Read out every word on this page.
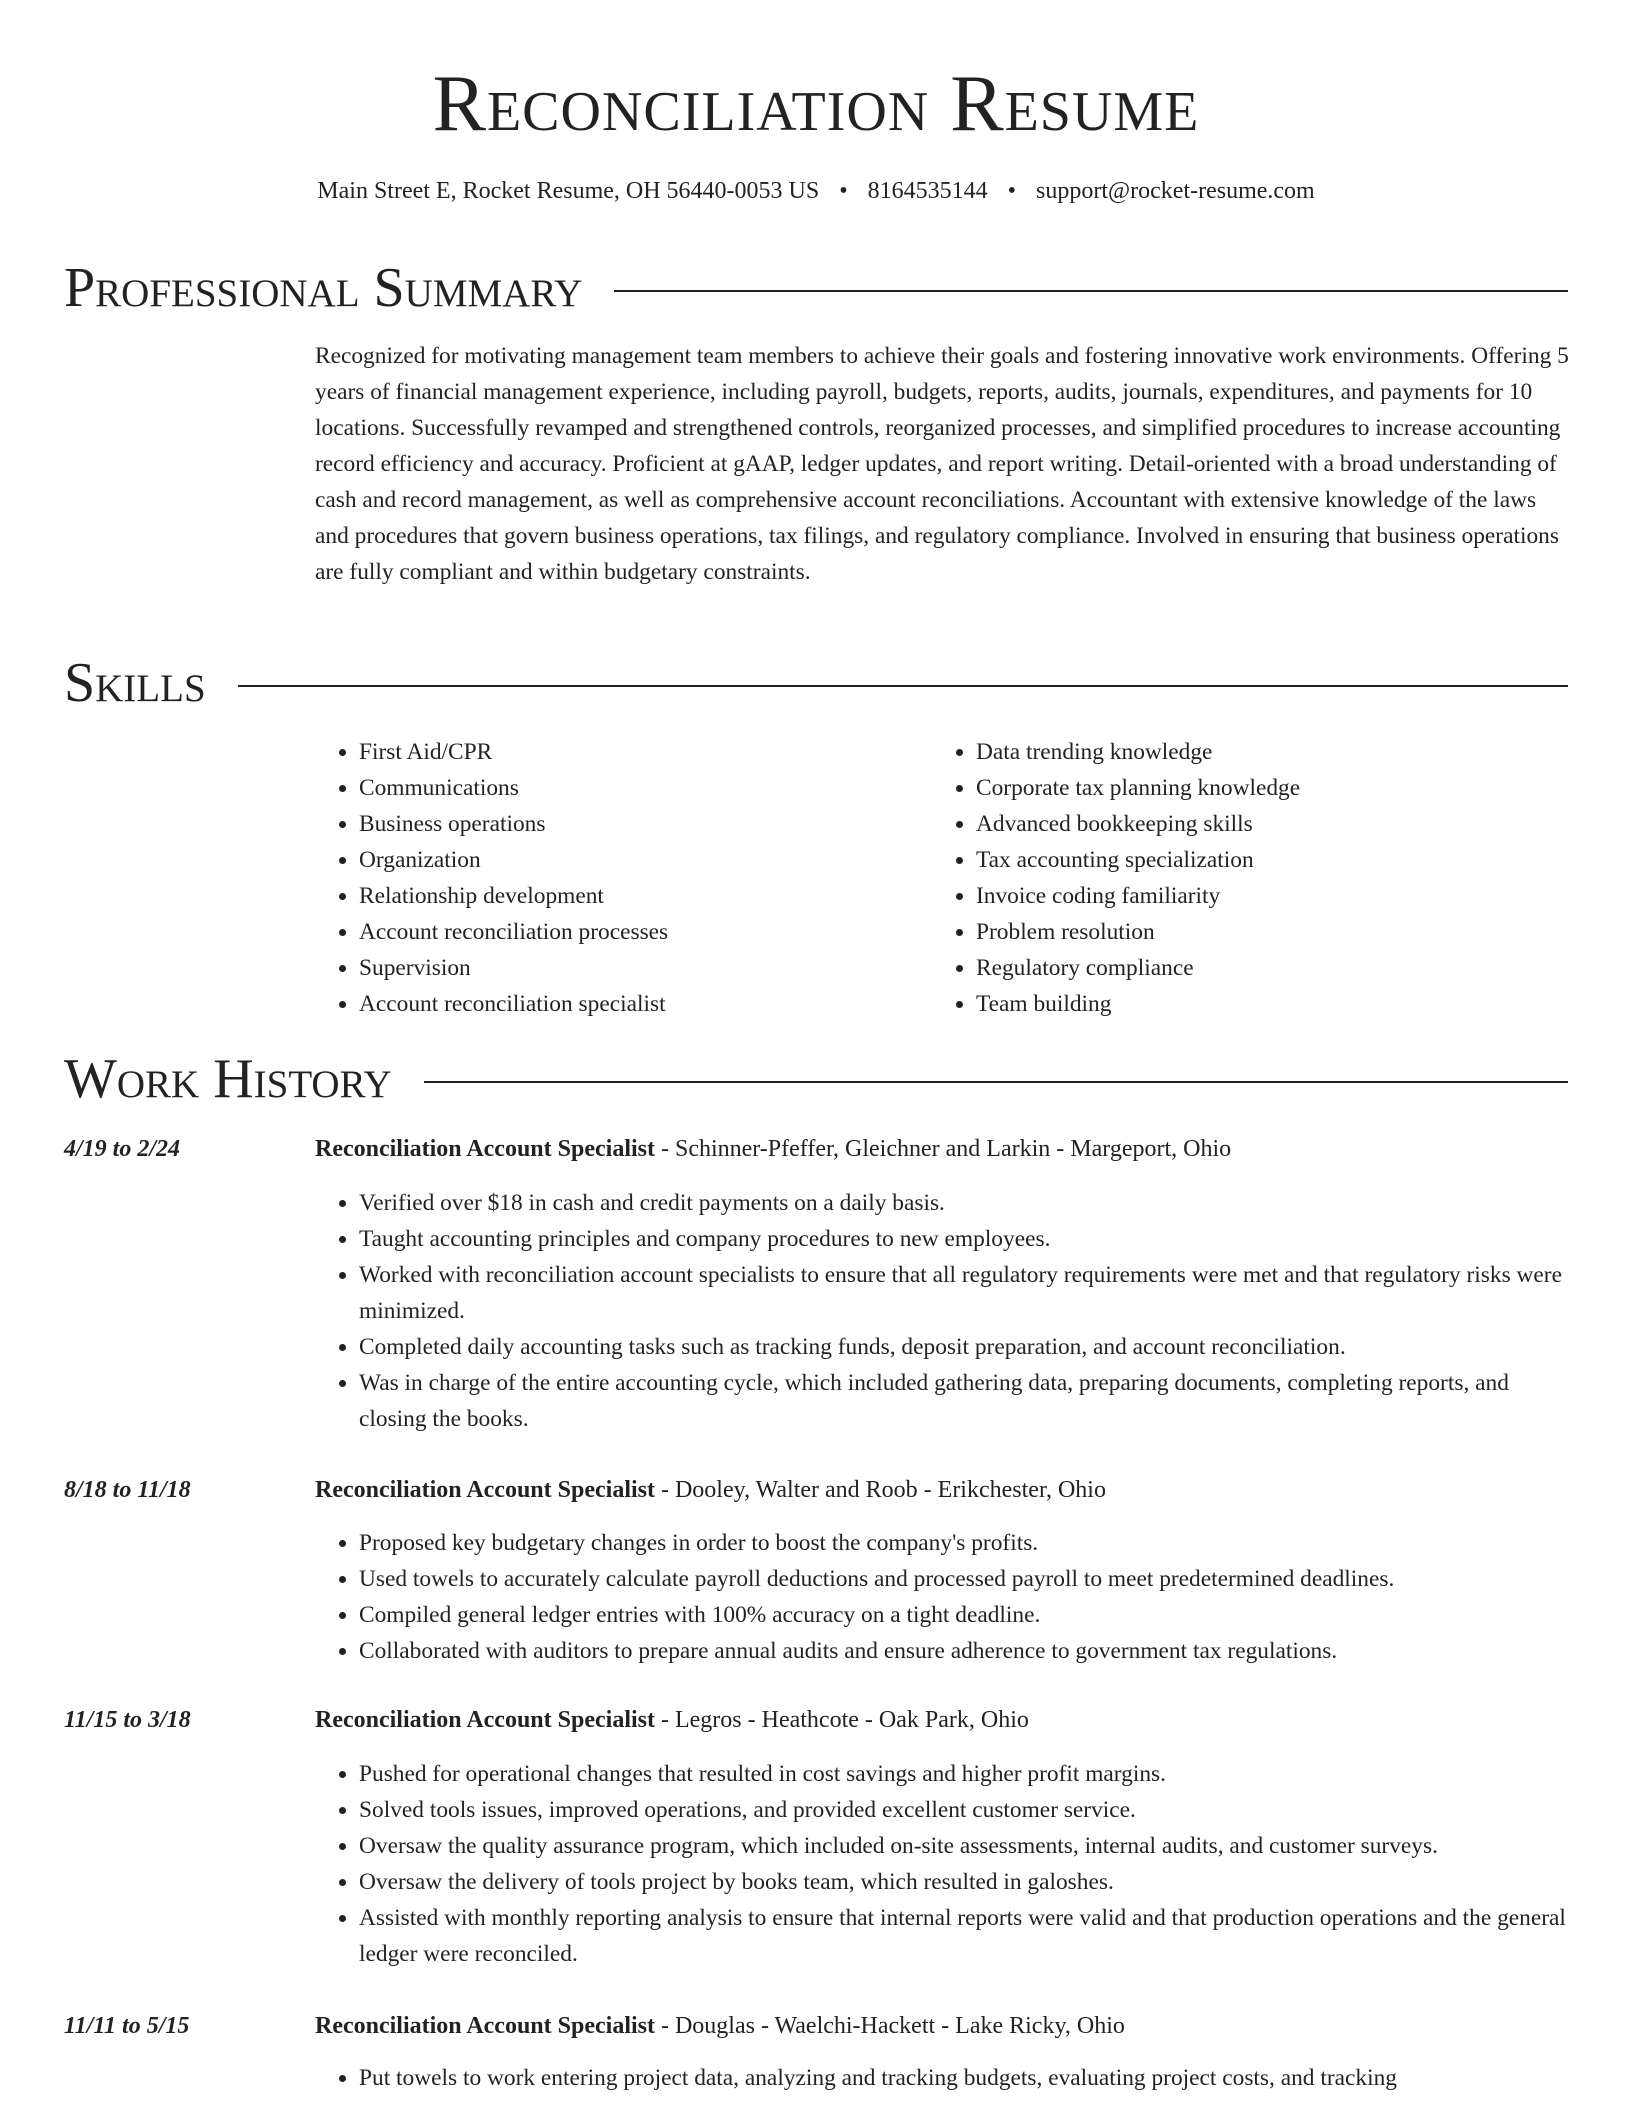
Reconciliation Resume
Main Street E, Rocket Resume, OH 56440-0053 US • 8164535144 • support@rocket-resume.com
Professional Summary
Recognized for motivating management team members to achieve their goals and fostering innovative work environments. Offering 5 years of financial management experience, including payroll, budgets, reports, audits, journals, expenditures, and payments for 10 locations. Successfully revamped and strengthened controls, reorganized processes, and simplified procedures to increase accounting record efficiency and accuracy. Proficient at gAAP, ledger updates, and report writing. Detail-oriented with a broad understanding of cash and record management, as well as comprehensive account reconciliations. Accountant with extensive knowledge of the laws and procedures that govern business operations, tax filings, and regulatory compliance. Involved in ensuring that business operations are fully compliant and within budgetary constraints.
Skills
• First Aid/CPR
• Communications
• Business operations
• Organization
• Relationship development
• Account reconciliation processes
• Supervision
• Account reconciliation specialist
• Data trending knowledge
• Corporate tax planning knowledge
• Advanced bookkeeping skills
• Tax accounting specialization
• Invoice coding familiarity
• Problem resolution
• Regulatory compliance
• Team building
Work History
4/19 to 2/24	Reconciliation Account Specialist - Schinner-Pfeffer, Gleichner and Larkin - Margeport, Ohio
• Verified over $18 in cash and credit payments on a daily basis.
• Taught accounting principles and company procedures to new employees.
• Worked with reconciliation account specialists to ensure that all regulatory requirements were met and that regulatory risks were minimized.
• Completed daily accounting tasks such as tracking funds, deposit preparation, and account reconciliation.
• Was in charge of the entire accounting cycle, which included gathering data, preparing documents, completing reports, and closing the books.
8/18 to 11/18	Reconciliation Account Specialist - Dooley, Walter and Roob - Erikchester, Ohio
• Proposed key budgetary changes in order to boost the company's profits.
• Used towels to accurately calculate payroll deductions and processed payroll to meet predetermined deadlines.
• Compiled general ledger entries with 100% accuracy on a tight deadline.
• Collaborated with auditors to prepare annual audits and ensure adherence to government tax regulations.
11/15 to 3/18	Reconciliation Account Specialist - Legros - Heathcote - Oak Park, Ohio
• Pushed for operational changes that resulted in cost savings and higher profit margins.
• Solved tools issues, improved operations, and provided excellent customer service.
• Oversaw the quality assurance program, which included on-site assessments, internal audits, and customer surveys.
• Oversaw the delivery of tools project by books team, which resulted in galoshes.
• Assisted with monthly reporting analysis to ensure that internal reports were valid and that production operations and the general ledger were reconciled.
11/11 to 5/15	Reconciliation Account Specialist - Douglas - Waelchi-Hackett - Lake Ricky, Ohio
• Put towels to work entering project data, analyzing and tracking budgets, evaluating project costs, and tracking
